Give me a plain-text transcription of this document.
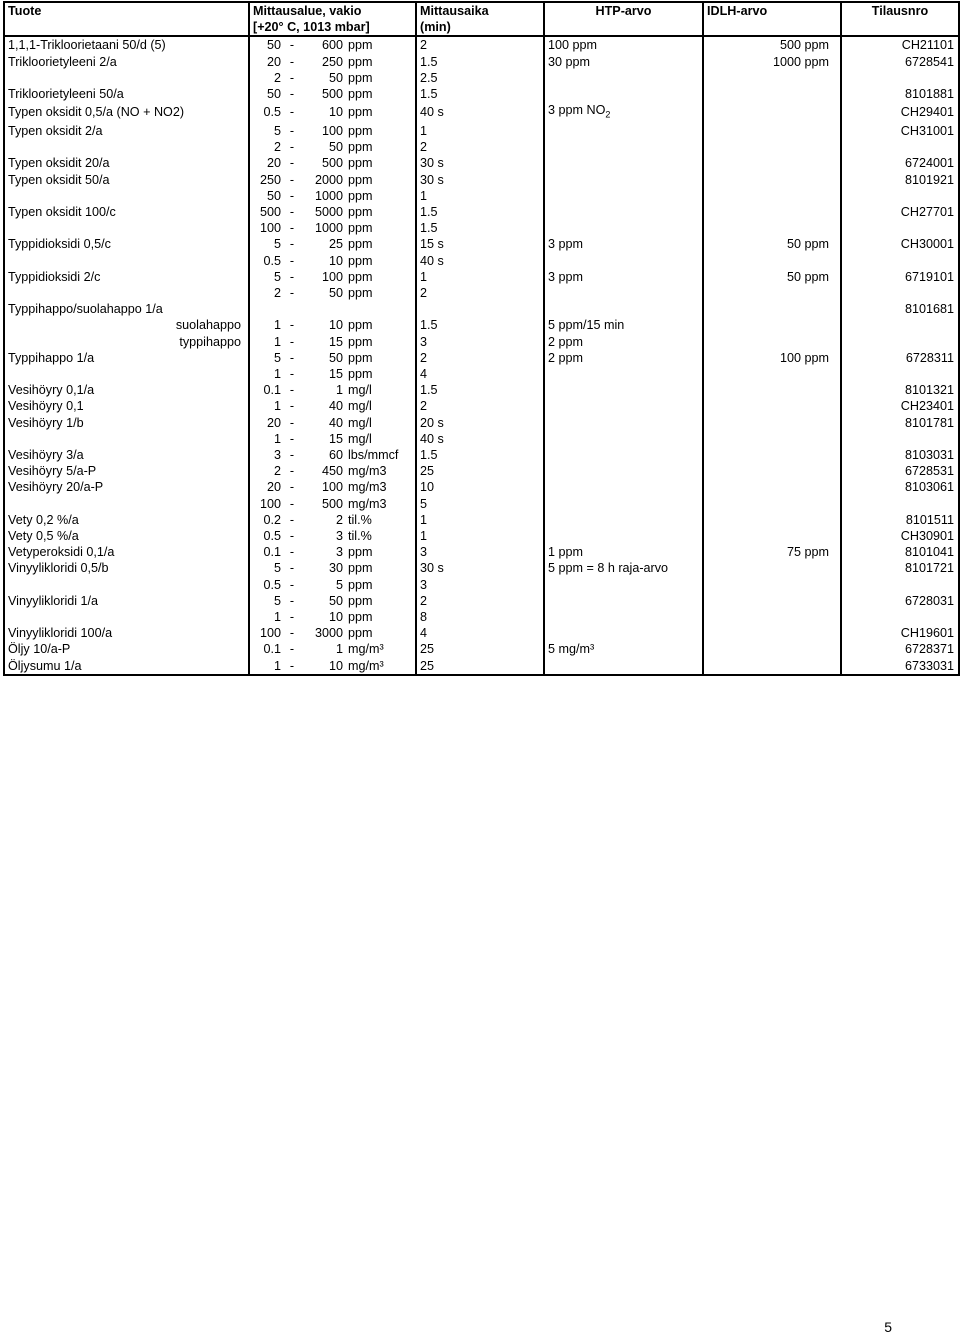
Tuote	Mittausalue, vakio	Mittausaika	HTP-arvo	IDLH-arvo	Tilausnro
	[+20° C, 1013 mbar]	(min)			
1,1,1-Trikloorietaani 50/d (5)	50 - 600 ppm	2	100 ppm	500 ppm	CH21101
Trikloorietyleeni 2/a	20 - 250 ppm	1.5	30 ppm	1000 ppm	6728541

	2 - 50 ppm	2.5		

Trikloorietyleeni 50/a	50 - 500 ppm	1.5			8101881
Typen oksidit 0,5/a (NO + NO2)	0.5 - 10 ppm	40 s	3 ppm $NO_2$		CH29401
Typen oksidit 2/a	5 - 100 ppm	1			CH31001

	2 - 50 ppm	2		

Typen oksidit 20/a	20 - 500 ppm	30 s			6724001
Typen oksidit 50/a	250 - 2000 ppm	30 s			8101921

	50 - 1000 ppm	1		

Typen oksidit 100/c	500 - 5000 ppm	1.5			CH27701

	100 - 1000 ppm	1.5		

Typpidioksidi 0,5/c	5 - 25 ppm	15 s	3 ppm	50 ppm	CH30001

	0.5 - 10 ppm	40 s		

Typpidioksidi 2/c	5 - 100 ppm	1	3 ppm	50 ppm	6719101

	2 - 50 ppm	2		

Typpihappo/suolahappo 1/a					8101681
suolahappo	1 - 10 ppm	1.5	5 ppm/15 min	

typpihappo	1 - 15 ppm	3	2 ppm	

Typpihappo 1/a	5 - 50 ppm	2	2 ppm	100 ppm	6728311

	1 - 15 ppm	4		

Vesihöyry 0,1/a	0.1 - 1 mg/l	1.5			8101321
Vesihöyry 0,1	1 - 40 mg/l	2			CH23401
Vesihöyry 1/b	20 - 40 mg/l	20 s			8101781

	1 - 15 mg/l	40 s		

Vesihöyry 3/a	3 - 60 lbs/mmcf	1.5			8103031
Vesihöyry 5/a-P	2 - 450 mg/m3	25			6728531
Vesihöyry 20/a-P	20 - 100 mg/m3	10			8103061

	100 - 500 mg/m3	5		

Vety 0,2 %/a	0.2 - 2 til.%	1			8101511
Vety 0,5 %/a	0.5 - 3 til.%	1			CH30901
Vetyperoksidi 0,1/a	0.1 - 3 ppm	3	1 ppm	75 ppm	8101041
Vinyylikloridi 0,5/b	5 - 30 ppm	30 s	5 ppm = 8 h raja-arvo		8101721

	0.5 - 5 ppm	3		

Vinyylikloridi 1/a	5 - 50 ppm	2			6728031

	1 - 10 ppm	8		

Vinyylikloridi 100/a	100 - 3000 ppm	4			CH19601
Öljy 10/a-P	0.1 - 1 mg/m³	25	5 mg/m³		6728371
Öljysumu 1/a	1 - 10 mg/m³	25			6733031
5
